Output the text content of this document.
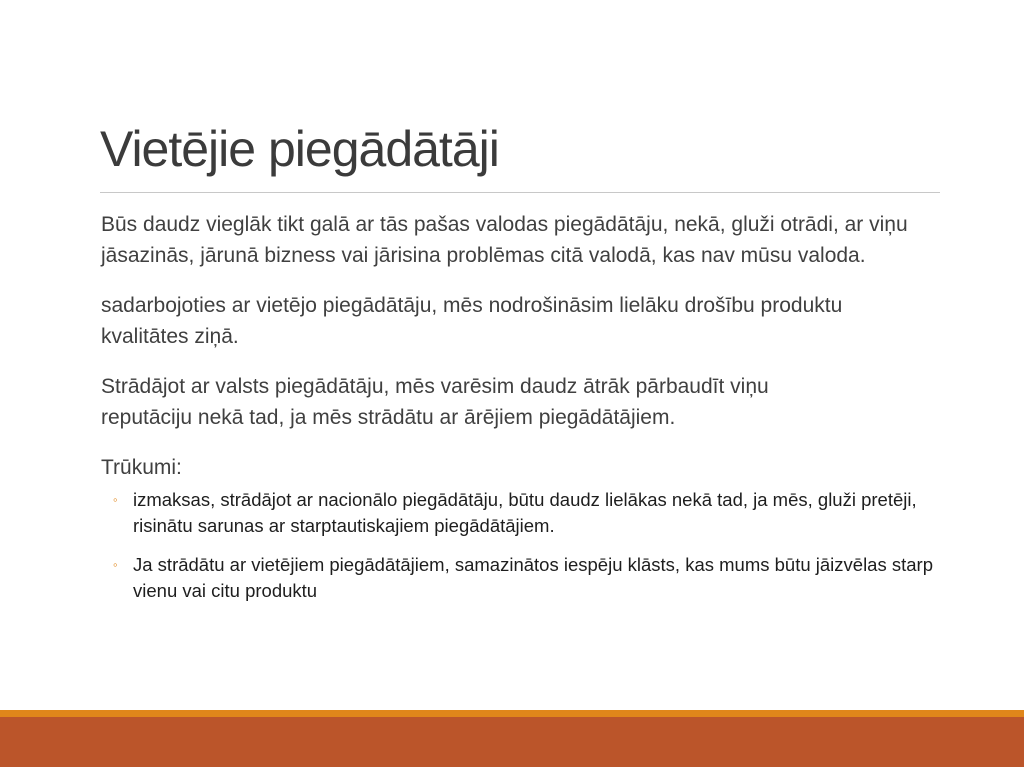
Vietējie piegādātāji

Būs daudz vieglāk tikt galā ar tās pašas valodas piegādātāju, nekā, gluži otrādi, ar viņu jāsazinās, jārunā bizness vai jārisina problēmas citā valodā, kas nav mūsu valoda.

sadarbojoties ar vietējo piegādātāju, mēs nodrošināsim lielāku drošību produktu kvalitātes ziņā.

Strādājot ar valsts piegādātāju, mēs varēsim daudz ātrāk pārbaudīt viņu reputāciju nekā tad, ja mēs strādātu ar ārējiem piegādātājiem.

Trūkumi:

◦ izmaksas, strādājot ar nacionālo piegādātāju, būtu daudz lielākas nekā tad, ja mēs, gluži pretēji, risinātu sarunas ar starptautiskajiem piegādātājiem.
◦ Ja strādātu ar vietējiem piegādātājiem, samazinātos iespēju klāsts, kas mums būtu jāizvēlas starp vienu vai citu produktu
